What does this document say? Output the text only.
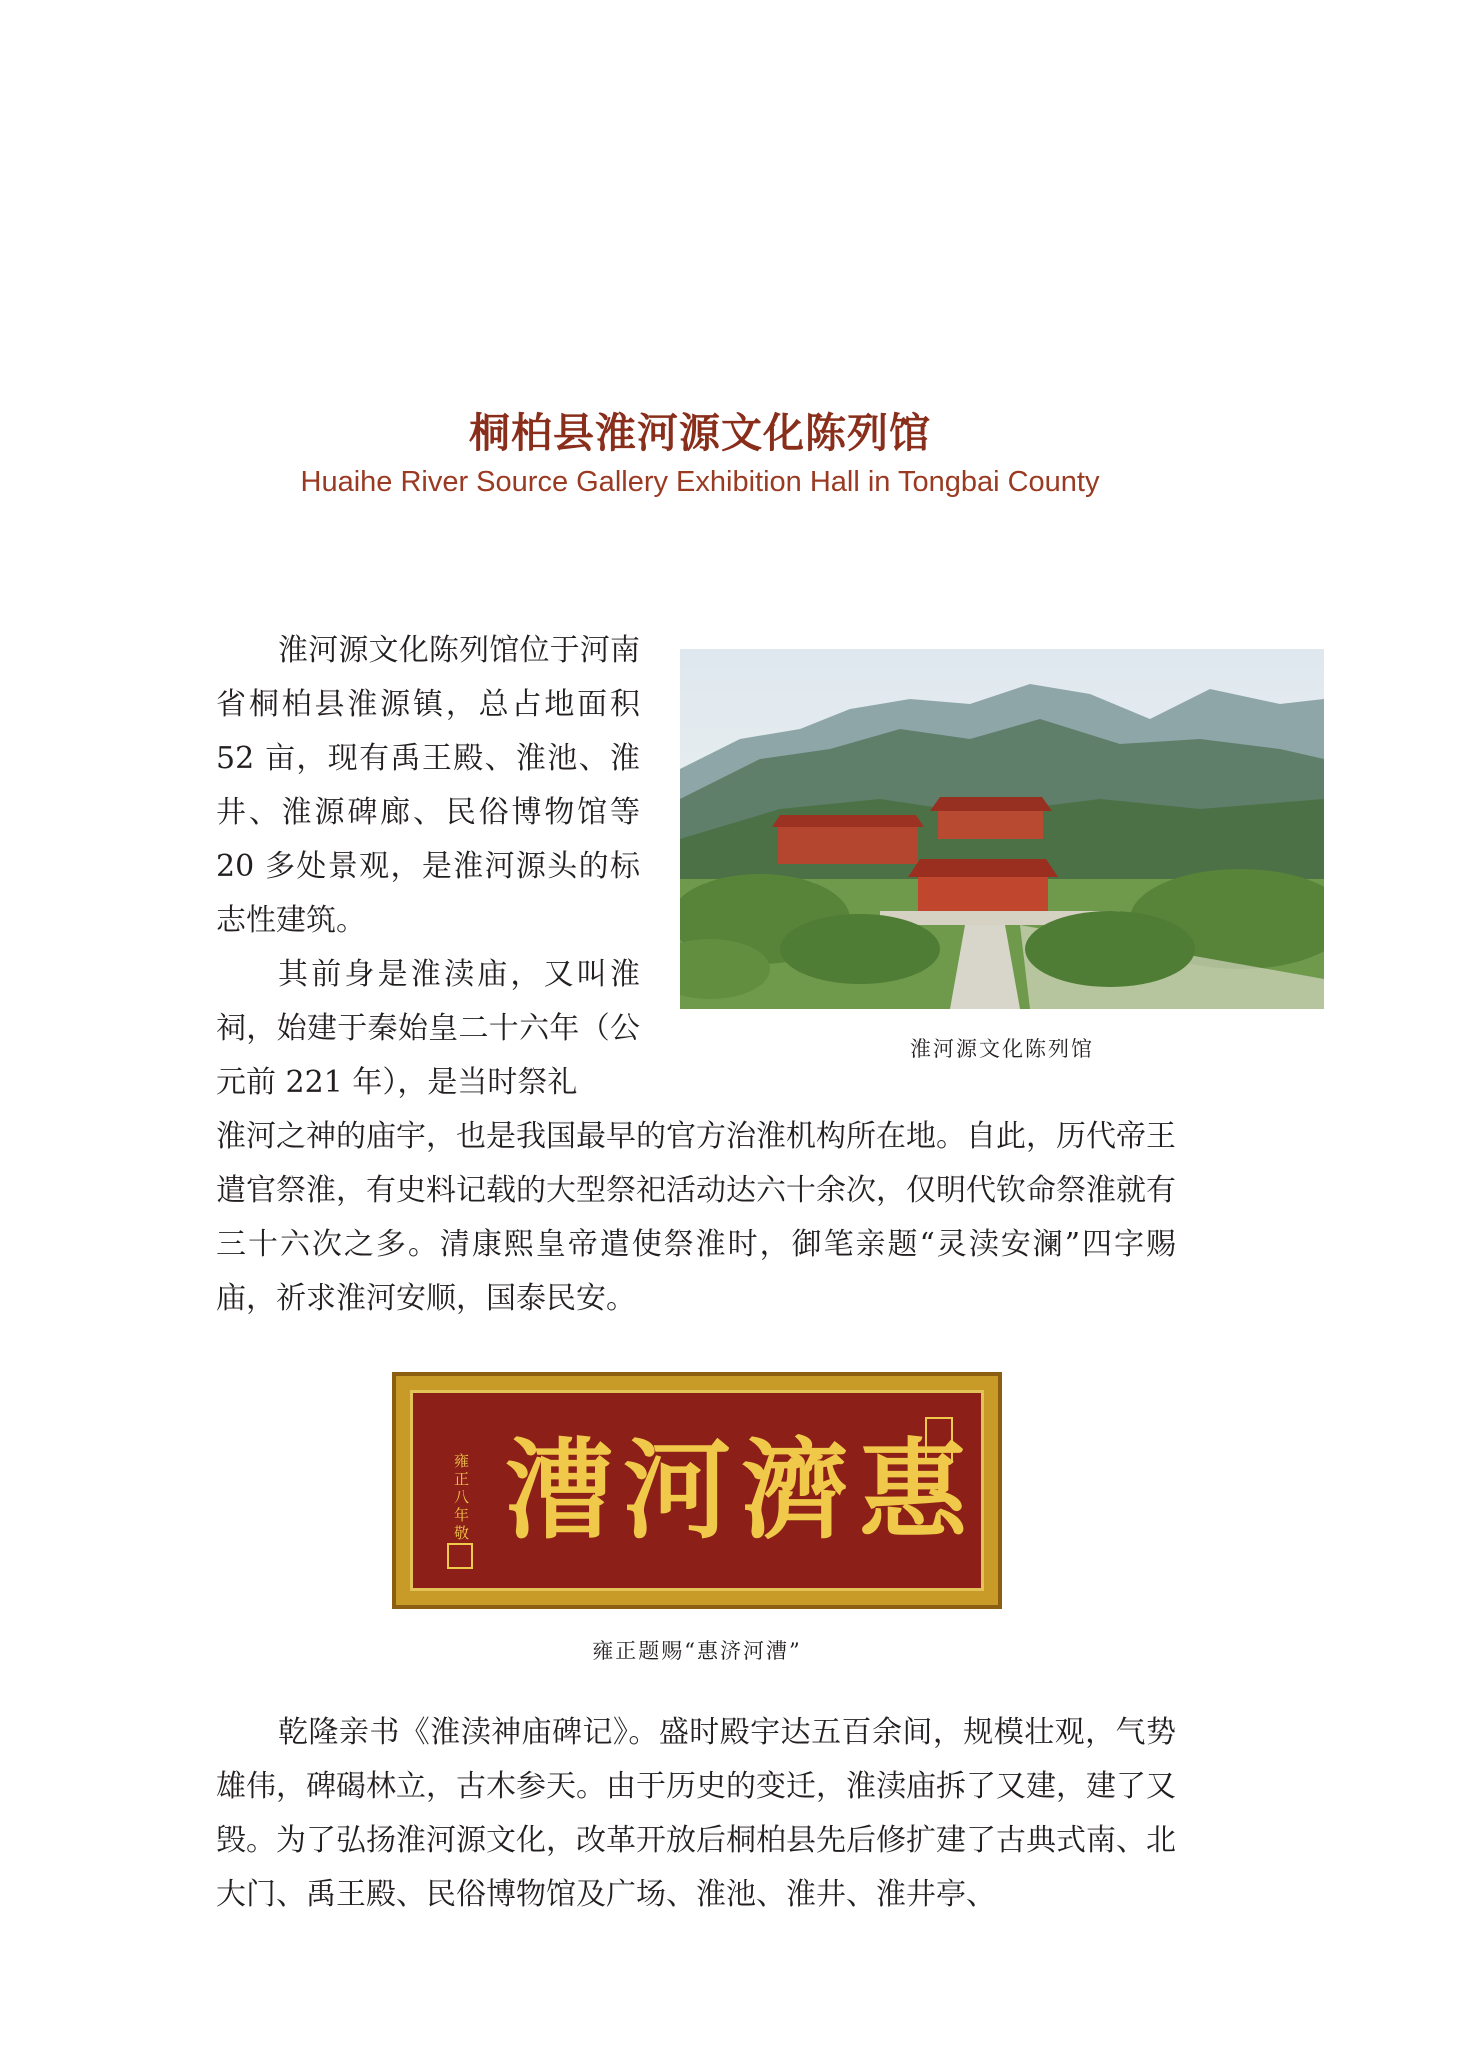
桐柏县淮河源文化陈列馆

Huaihe River Source Gallery Exhibition Hall in Tongbai County

淮河源文化陈列馆位于河南省桐柏县淮源镇，总占地面积 52 亩，现有禹王殿、淮池、淮井、淮源碑廊、民俗博物馆等 20 多处景观，是淮河源头的标志性建筑。

其前身是淮渎庙，又叫淮祠，始建于秦始皇二十六年（公元前 221 年），是当时祭礼

淮河源文化陈列馆

淮河之神的庙宇，也是我国最早的官方治淮机构所在地。自此，历代帝王遣官祭淮，有史料记载的大型祭祀活动达六十余次，仅明代钦命祭淮就有三十六次之多。清康熙皇帝遣使祭淮时，御笔亲题“灵渎安澜”四字赐庙，祈求淮河安顺，国泰民安。

雍正八年敬 漕河濟惠

雍正题赐“惠济河漕”

乾隆亲书《淮渎神庙碑记》。盛时殿宇达五百余间，规模壮观，气势雄伟，碑碣林立，古木参天。由于历史的变迁，淮渎庙拆了又建，建了又毁。为了弘扬淮河源文化，改革开放后桐柏县先后修扩建了古典式南、北大门、禹王殿、民俗博物馆及广场、淮池、淮井、淮井亭、
